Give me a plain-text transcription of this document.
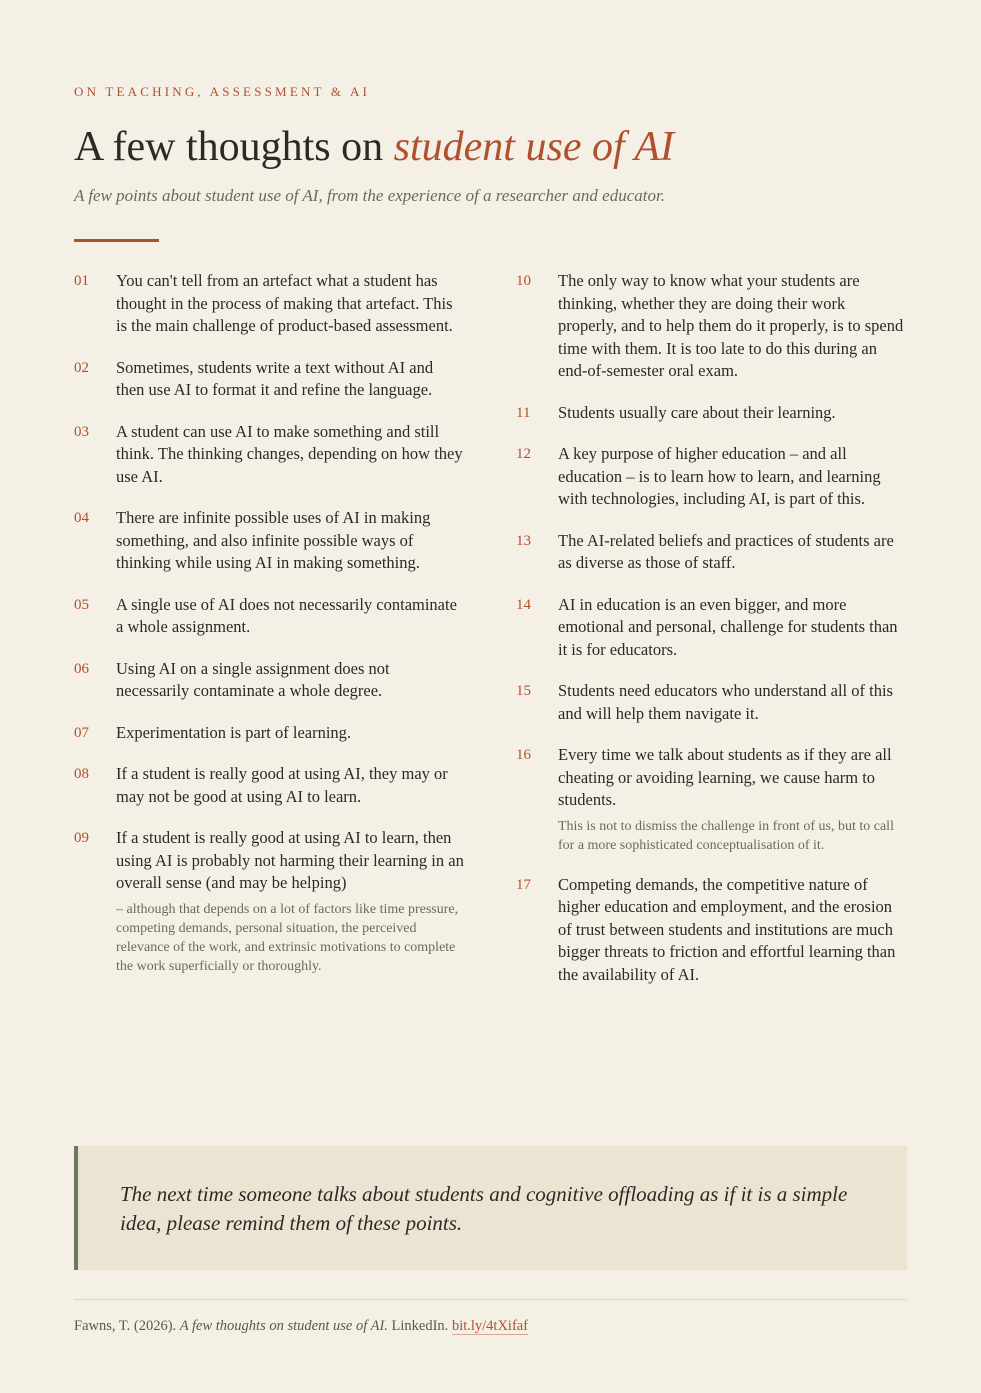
ON TEACHING, ASSESSMENT & AI
A few thoughts on student use of AI
A few points about student use of AI, from the experience of a researcher and educator.
01 You can't tell from an artefact what a student has thought in the process of making that artefact. This is the main challenge of product-based assessment.
02 Sometimes, students write a text without AI and then use AI to format it and refine the language.
03 A student can use AI to make something and still think. The thinking changes, depending on how they use AI.
04 There are infinite possible uses of AI in making something, and also infinite possible ways of thinking while using AI in making something.
05 A single use of AI does not necessarily contaminate a whole assignment.
06 Using AI on a single assignment does not necessarily contaminate a whole degree.
07 Experimentation is part of learning.
08 If a student is really good at using AI, they may or may not be good at using AI to learn.
09 If a student is really good at using AI to learn, then using AI is probably not harming their learning in an overall sense (and may be helping)
– although that depends on a lot of factors like time pressure, competing demands, personal situation, the perceived relevance of the work, and extrinsic motivations to complete the work superficially or thoroughly.
10 The only way to know what your students are thinking, whether they are doing their work properly, and to help them do it properly, is to spend time with them. It is too late to do this during an end-of-semester oral exam.
11 Students usually care about their learning.
12 A key purpose of higher education – and all education – is to learn how to learn, and learning with technologies, including AI, is part of this.
13 The AI-related beliefs and practices of students are as diverse as those of staff.
14 AI in education is an even bigger, and more emotional and personal, challenge for students than it is for educators.
15 Students need educators who understand all of this and will help them navigate it.
16 Every time we talk about students as if they are all cheating or avoiding learning, we cause harm to students.
This is not to dismiss the challenge in front of us, but to call for a more sophisticated conceptualisation of it.
17 Competing demands, the competitive nature of higher education and employment, and the erosion of trust between students and institutions are much bigger threats to friction and effortful learning than the availability of AI.
The next time someone talks about students and cognitive offloading as if it is a simple idea, please remind them of these points.
Fawns, T. (2026). A few thoughts on student use of AI. LinkedIn. bit.ly/4tXifaf
